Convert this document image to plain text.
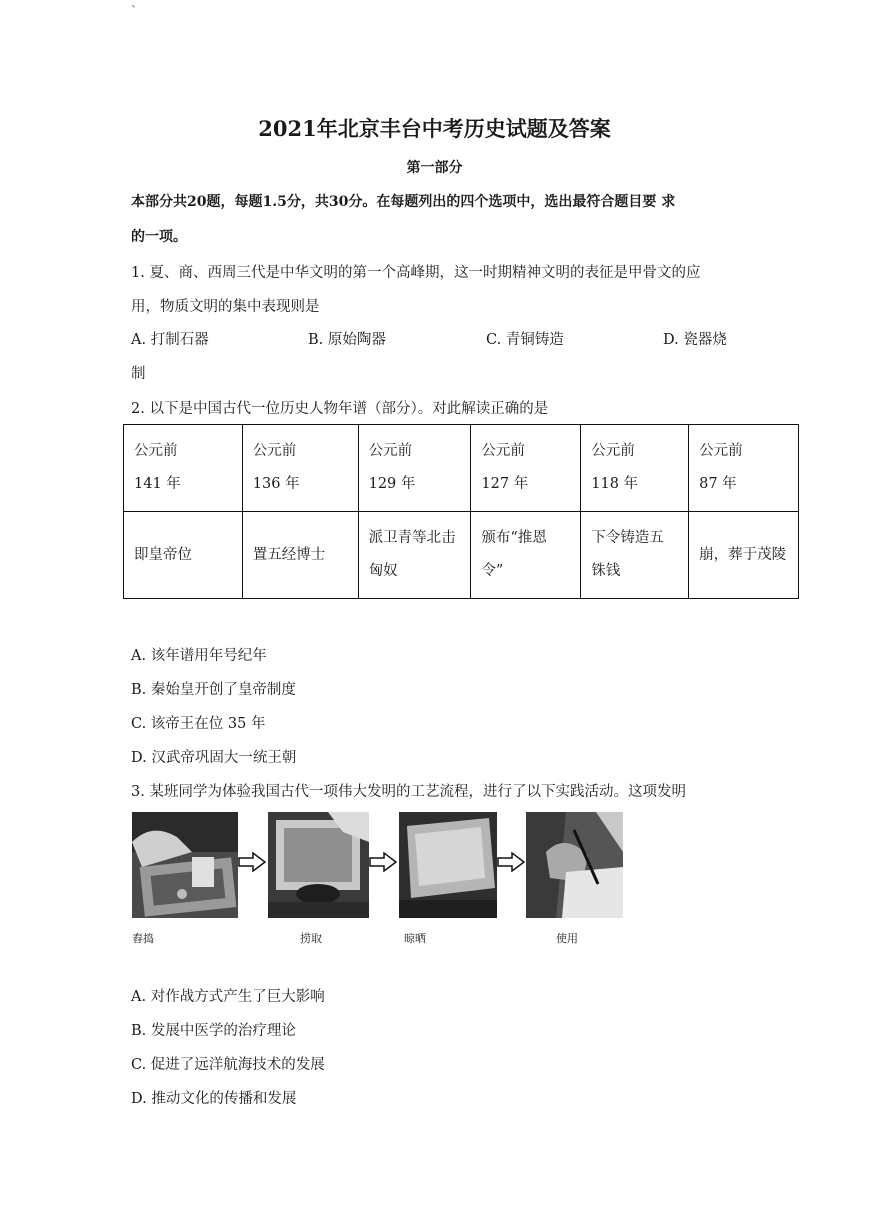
`
2021年北京丰台中考历史试题及答案
第一部分
本部分共20题，每题1.5分，共30分。在每题列出的四个选项中，选出最符合题目要 求
的一项。
1. 夏、商、西周三代是中华文明的第一个高峰期，这一时期精神文明的表征是甲骨文的应
用，物质文明的集中表现则是
A. 打制石器	B. 原始陶器	C. 青铜铸造	D. 瓷器烧
制
2. 以下是中国古代一位历史人物年谱（部分）。对此解读正确的是
公元前
141 年	公元前
136 年	公元前
129 年	公元前
127 年	公元前
118 年	公元前
87 年
即皇帝位	置五经博士	派卫青等北击
匈奴	颁布“推恩
令”	下令铸造五
铢钱	崩，葬于茂陵
A. 该年谱用年号纪年
B. 秦始皇开创了皇帝制度
C. 该帝王在位 35 年
D. 汉武帝巩固大一统王朝
3. 某班同学为体验我国古代一项伟大发明的工艺流程，进行了以下实践活动。这项发明
舂捣	捞取	晾晒	使用
A. 对作战方式产生了巨大影响
B. 发展中医学的治疗理论
C. 促进了远洋航海技术的发展
D. 推动文化的传播和发展
